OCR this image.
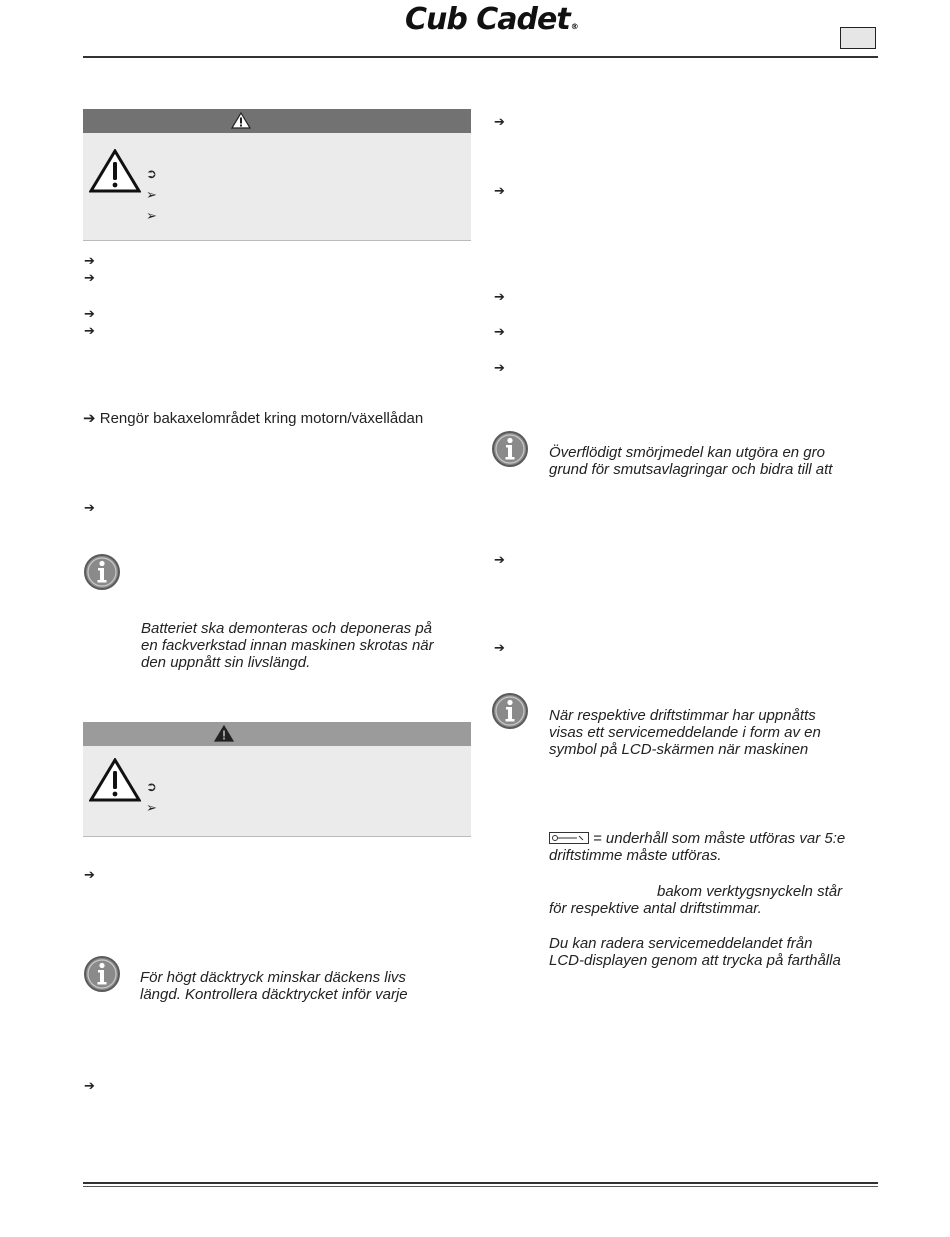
Cub Cadet®
➲
➢
➢
➔
➔
➔
➔
➔ Rengör bakaxelområdet kring motorn/växellådan
➔
Batteriet ska demonteras och deponeras på
en fackverkstad innan maskinen skrotas när
den uppnått sin livslängd.
➲
➢
➔
För högt däcktryck minskar däckens livs
längd. Kontrollera däcktrycket inför varje
➔
➔
➔
➔
➔
➔
Överflödigt smörjmedel kan utgöra en gro
grund för smutsavlagringar och bidra till att
➔
➔
När respektive driftstimmar har uppnåtts
visas ett servicemeddelande i form av en
symbol på LCD-skärmen när maskinen
= underhåll som måste utföras var 5:e
driftstimme måste utföras.
bakom verktygsnyckeln står
för respektive antal driftstimmar.
Du kan radera servicemeddelandet från
LCD-displayen genom att trycka på farthålla
